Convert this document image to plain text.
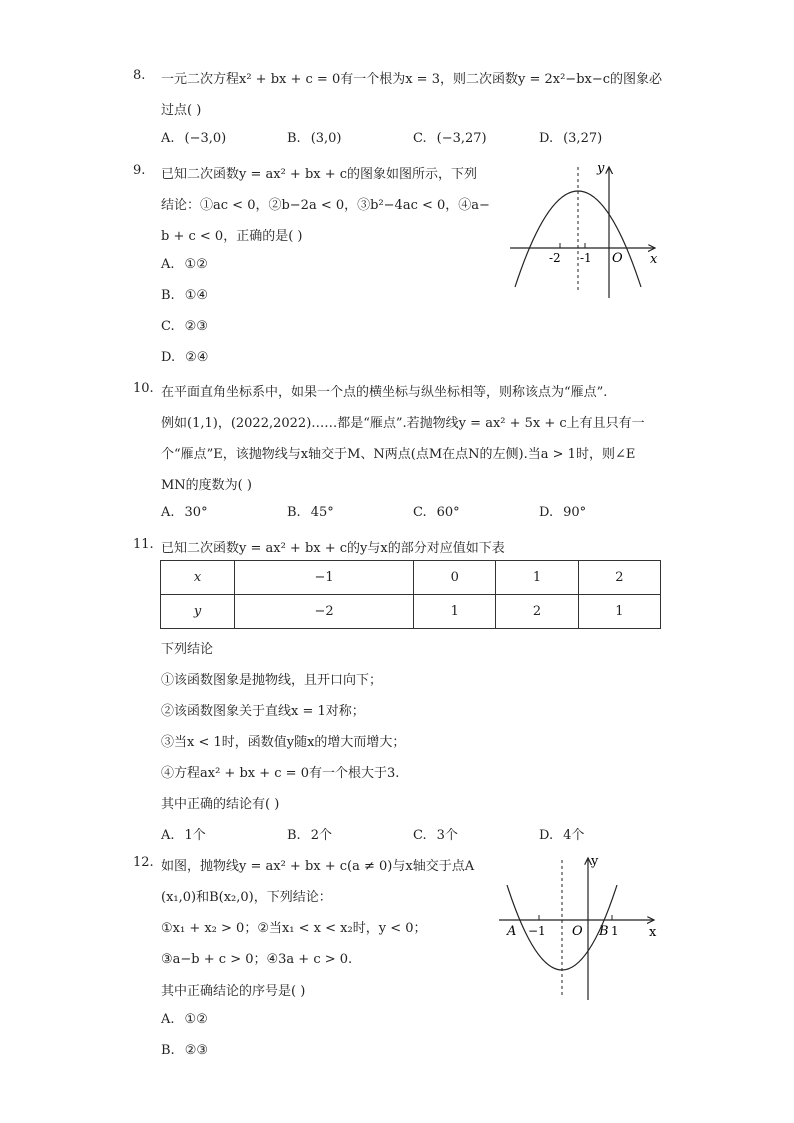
8. 一元二次方程x² + bx + c = 0有一个根为x = 3，则二次函数y = 2x²−bx−c的图象必
过点( )
A. (−3,0)	B. (3,0)	C. (−3,27)	D. (3,27)
9. 已知二次函数y = ax² + bx + c的图象如图所示，下列
结论：①ac < 0，②b−2a < 0，③b²−4ac < 0，④a−
b + c < 0，正确的是( )
A. ①②
B. ①④
C. ②③
D. ②④
y
x
-2 -1 O
10. 在平面直角坐标系中，如果一个点的横坐标与纵坐标相等，则称该点为“雁点”.
例如(1,1)，(2022,2022)……都是“雁点”.若抛物线y = ax² + 5x + c上有且只有一
个“雁点”E，该抛物线与x轴交于M、N两点(点M在点N的左侧).当a > 1时，则∠E
MN的度数为( )
A. 30°	B. 45°	C. 60°	D. 90°
11. 已知二次函数y = ax² + bx + c的y与x的部分对应值如下表
x	−1	0	1	2
y	−2	1	2	1
下列结论
①该函数图象是抛物线，且开口向下；
②该函数图象关于直线x = 1对称；
③当x < 1时，函数值y随x的增大而增大；
④方程ax² + bx + c = 0有一个根大于3.
其中正确的结论有( )
A. 1个	B. 2个	C. 3个	D. 4个
12. 如图，抛物线y = ax² + bx + c(a ≠ 0)与x轴交于点A
(x₁,0)和B(x₂,0)，下列结论：
①x₁ + x₂ > 0；②当x₁ < x < x₂时，y < 0；
③a−b + c > 0；④3a + c > 0.
其中正确结论的序号是( )
A. ①②
B. ②③
y
x
A −1 O B 1
